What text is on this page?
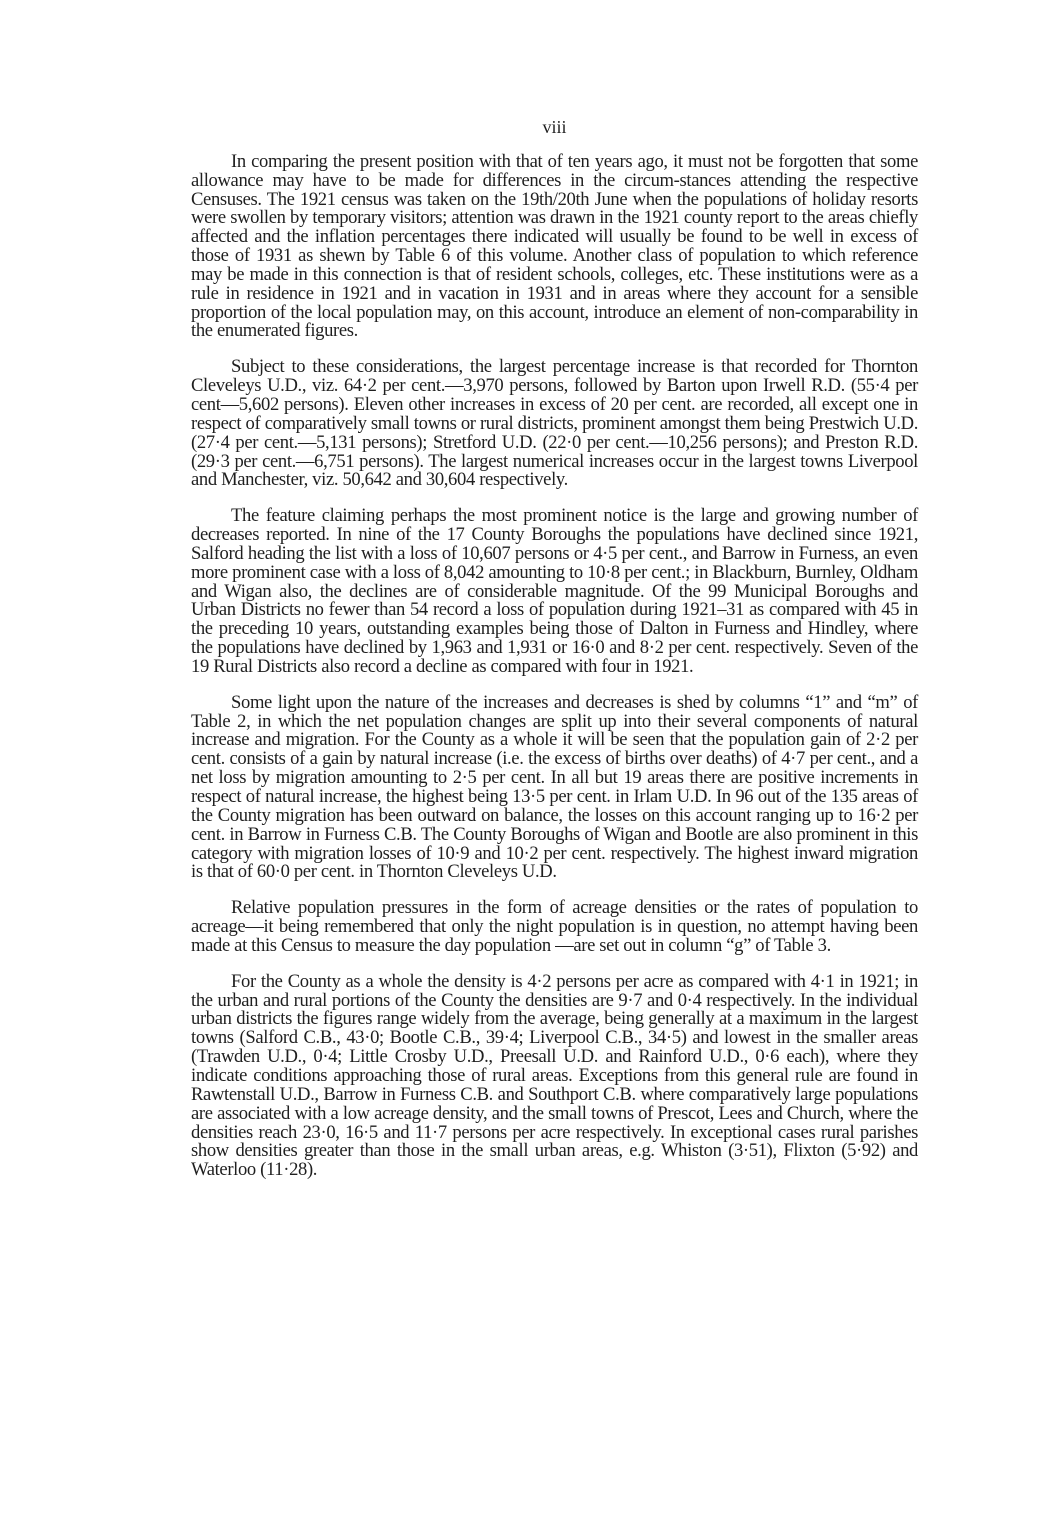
viii

In comparing the present position with that of ten years ago, it must not be forgotten that some allowance may have to be made for differences in the circum-stances attending the respective Censuses. The 1921 census was taken on the 19th/20th June when the populations of holiday resorts were swollen by temporary visitors; attention was drawn in the 1921 county report to the areas chiefly affected and the inflation percentages there indicated will usually be found to be well in excess of those of 1931 as shewn by Table 6 of this volume. Another class of population to which reference may be made in this connection is that of resident schools, colleges, etc. These institutions were as a rule in residence in 1921 and in vacation in 1931 and in areas where they account for a sensible proportion of the local population may, on this account, introduce an element of non-comparability in the enumerated figures.

Subject to these considerations, the largest percentage increase is that recorded for Thornton Cleveleys U.D., viz. 64·2 per cent.—3,970 persons, followed by Barton upon Irwell R.D. (55·4 per cent—5,602 persons). Eleven other increases in excess of 20 per cent. are recorded, all except one in respect of comparatively small towns or rural districts, prominent amongst them being Prestwich U.D. (27·4 per cent.—5,131 persons); Stretford U.D. (22·0 per cent.—10,256 persons); and Preston R.D. (29·3 per cent.—6,751 persons). The largest numerical increases occur in the largest towns Liverpool and Manchester, viz. 50,642 and 30,604 respectively.

The feature claiming perhaps the most prominent notice is the large and growing number of decreases reported. In nine of the 17 County Boroughs the populations have declined since 1921, Salford heading the list with a loss of 10,607 persons or 4·5 per cent., and Barrow in Furness, an even more prominent case with a loss of 8,042 amounting to 10·8 per cent.; in Blackburn, Burnley, Oldham and Wigan also, the declines are of considerable magnitude. Of the 99 Municipal Boroughs and Urban Districts no fewer than 54 record a loss of population during 1921–31 as compared with 45 in the preceding 10 years, outstanding examples being those of Dalton in Furness and Hindley, where the populations have declined by 1,963 and 1,931 or 16·0 and 8·2 per cent. respectively. Seven of the 19 Rural Districts also record a decline as compared with four in 1921.

Some light upon the nature of the increases and decreases is shed by columns “1” and “m” of Table 2, in which the net population changes are split up into their several components of natural increase and migration. For the County as a whole it will be seen that the population gain of 2·2 per cent. consists of a gain by natural increase (i.e. the excess of births over deaths) of 4·7 per cent., and a net loss by migration amounting to 2·5 per cent. In all but 19 areas there are positive increments in respect of natural increase, the highest being 13·5 per cent. in Irlam U.D. In 96 out of the 135 areas of the County migration has been outward on balance, the losses on this account ranging up to 16·2 per cent. in Barrow in Furness C.B. The County Boroughs of Wigan and Bootle are also prominent in this category with migration losses of 10·9 and 10·2 per cent. respectively. The highest inward migration is that of 60·0 per cent. in Thornton Cleveleys U.D.

Relative population pressures in the form of acreage densities or the rates of population to acreage—it being remembered that only the night population is in question, no attempt having been made at this Census to measure the day population —are set out in column “g” of Table 3.

For the County as a whole the density is 4·2 persons per acre as compared with 4·1 in 1921; in the urban and rural portions of the County the densities are 9·7 and 0·4 respectively. In the individual urban districts the figures range widely from the average, being generally at a maximum in the largest towns (Salford C.B., 43·0; Bootle C.B., 39·4; Liverpool C.B., 34·5) and lowest in the smaller areas (Trawden U.D., 0·4; Little Crosby U.D., Preesall U.D. and Rainford U.D., 0·6 each), where they indicate conditions approaching those of rural areas. Exceptions from this general rule are found in Rawtenstall U.D., Barrow in Furness C.B. and Southport C.B. where comparatively large populations are associated with a low acreage density, and the small towns of Prescot, Lees and Church, where the densities reach 23·0, 16·5 and 11·7 persons per acre respectively. In exceptional cases rural parishes show densities greater than those in the small urban areas, e.g. Whiston (3·51), Flixton (5·92) and Waterloo (11·28).
